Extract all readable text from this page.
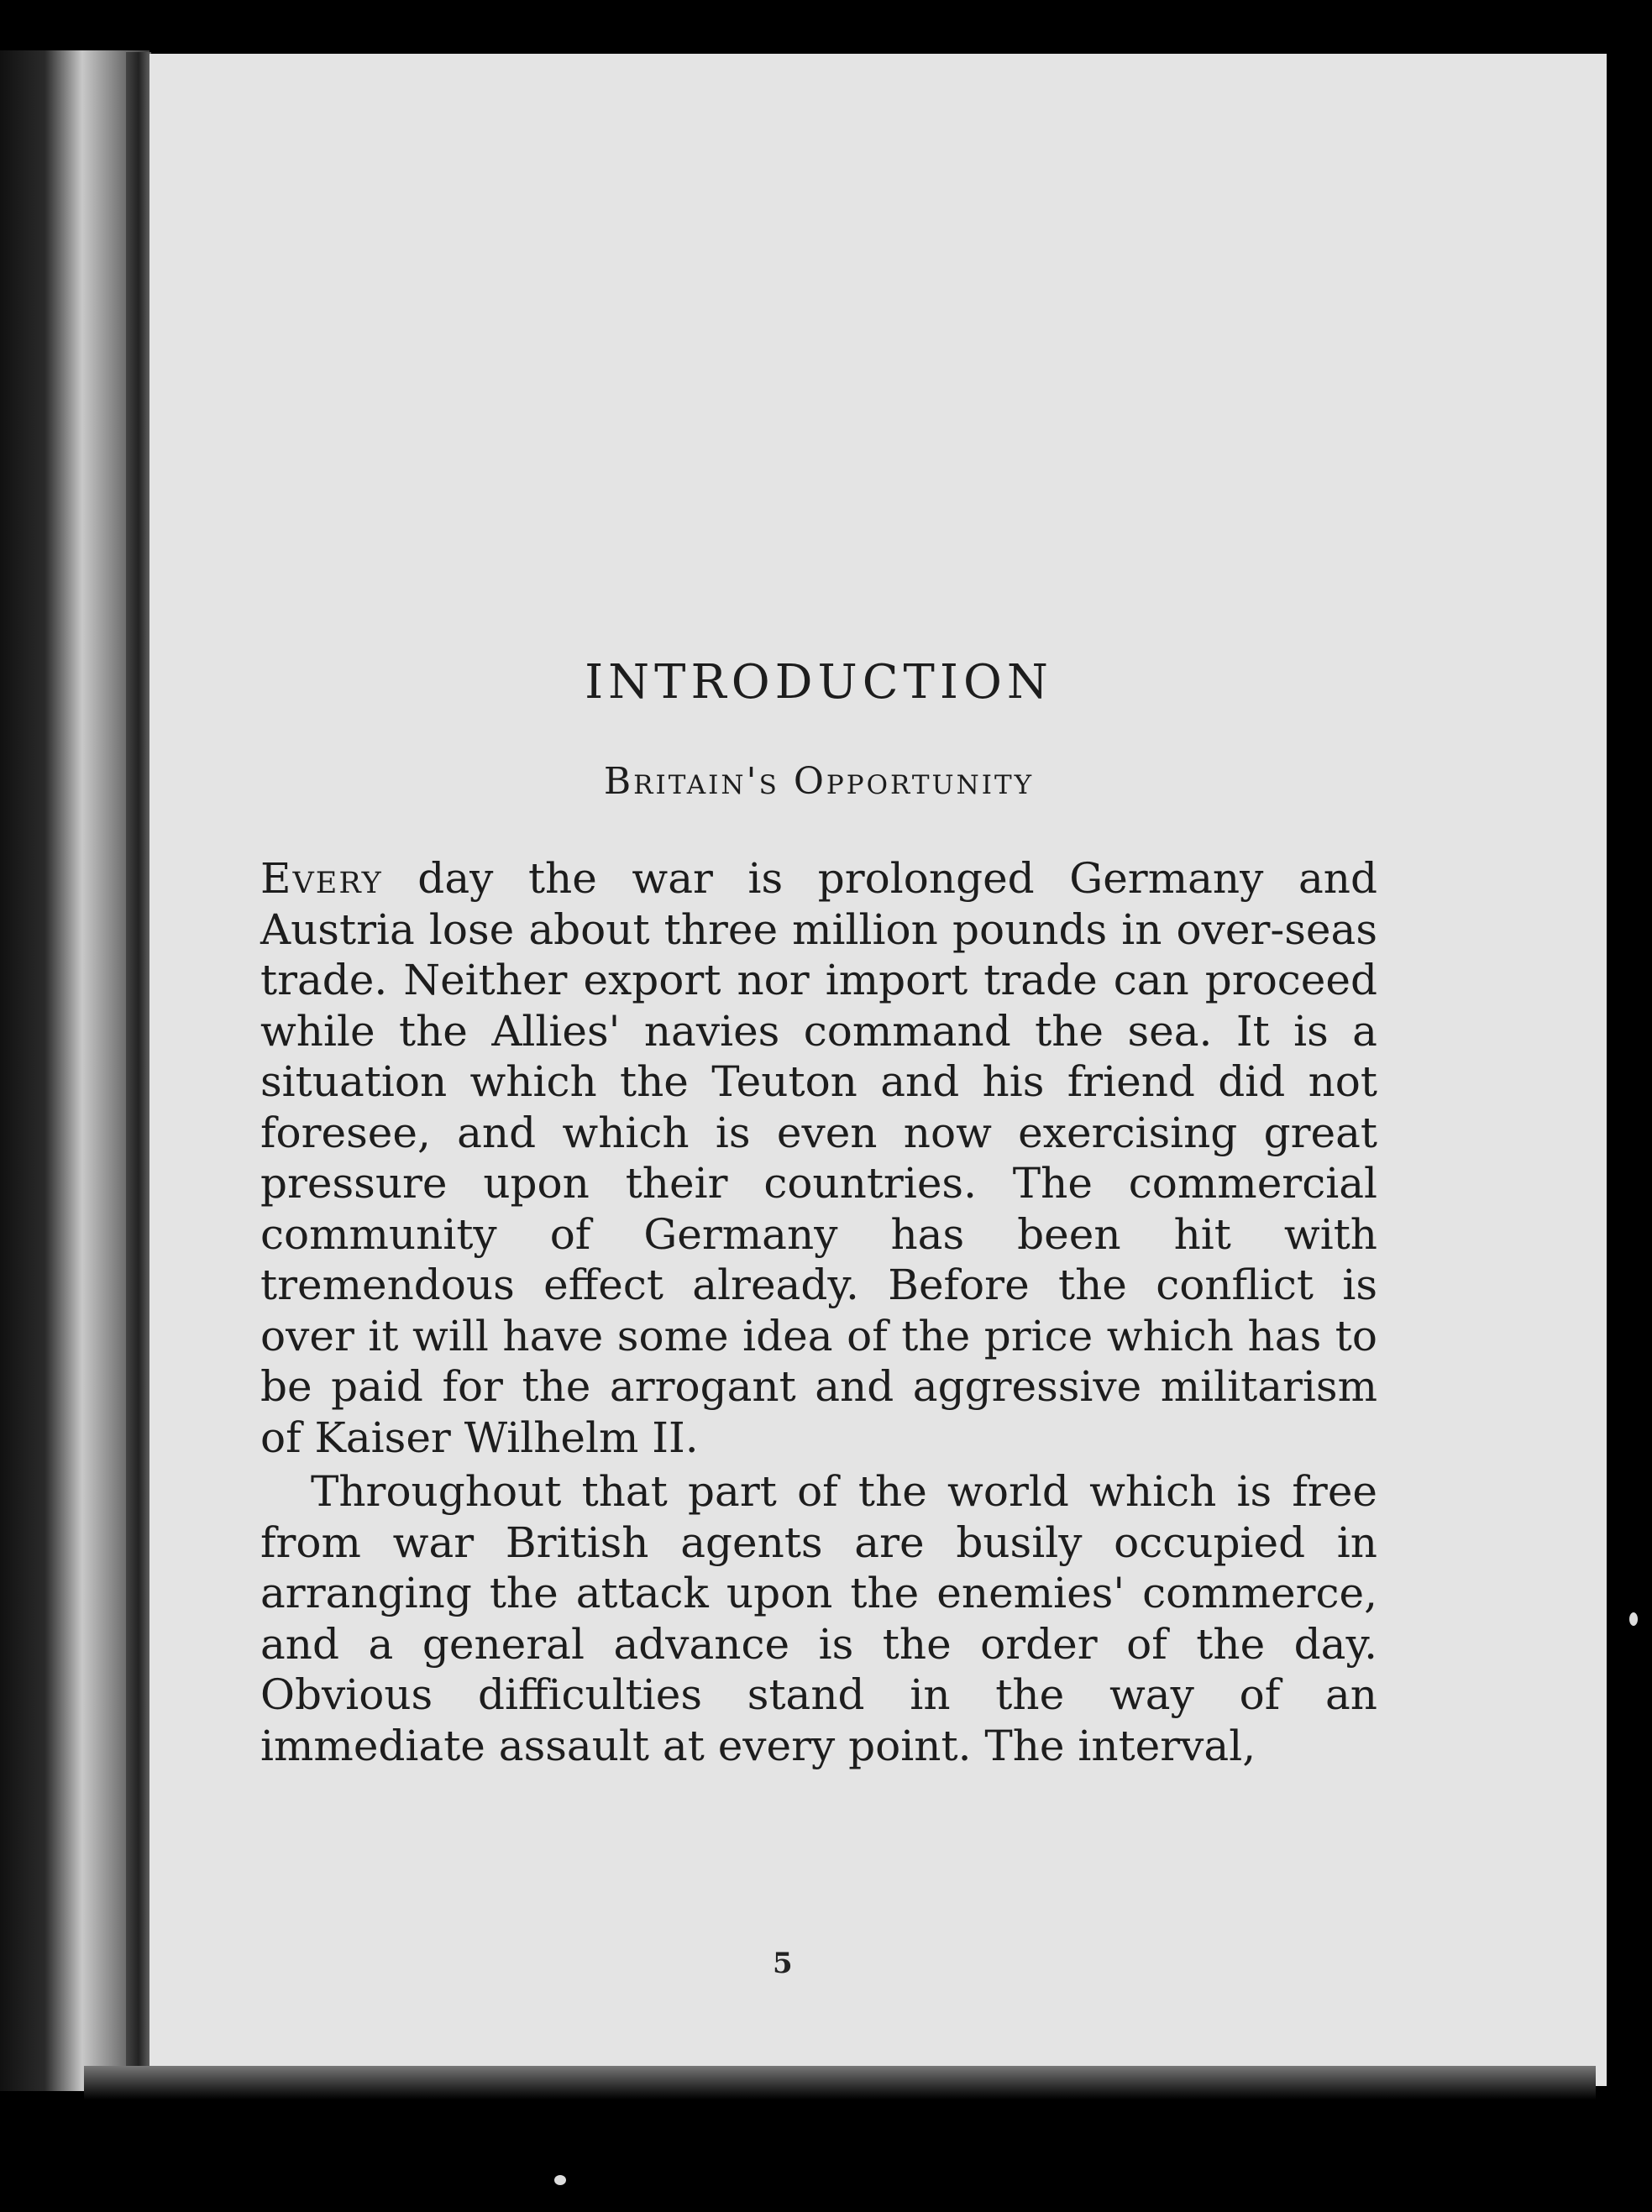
INTRODUCTION
Britain's Opportunity

Every day the war is prolonged Germany and Austria lose about three million pounds in over-seas trade. Neither export nor import trade can proceed while the Allies' navies command the sea. It is a situation which the Teuton and his friend did not foresee, and which is even now exercising great pressure upon their countries. The commercial community of Germany has been hit with tremendous effect already. Before the conflict is over it will have some idea of the price which has to be paid for the arrogant and aggressive militarism of Kaiser Wilhelm II.

Throughout that part of the world which is free from war British agents are busily occupied in arranging the attack upon the enemies' commerce, and a general advance is the order of the day. Obvious difficulties stand in the way of an immediate assault at every point. The interval,

5
